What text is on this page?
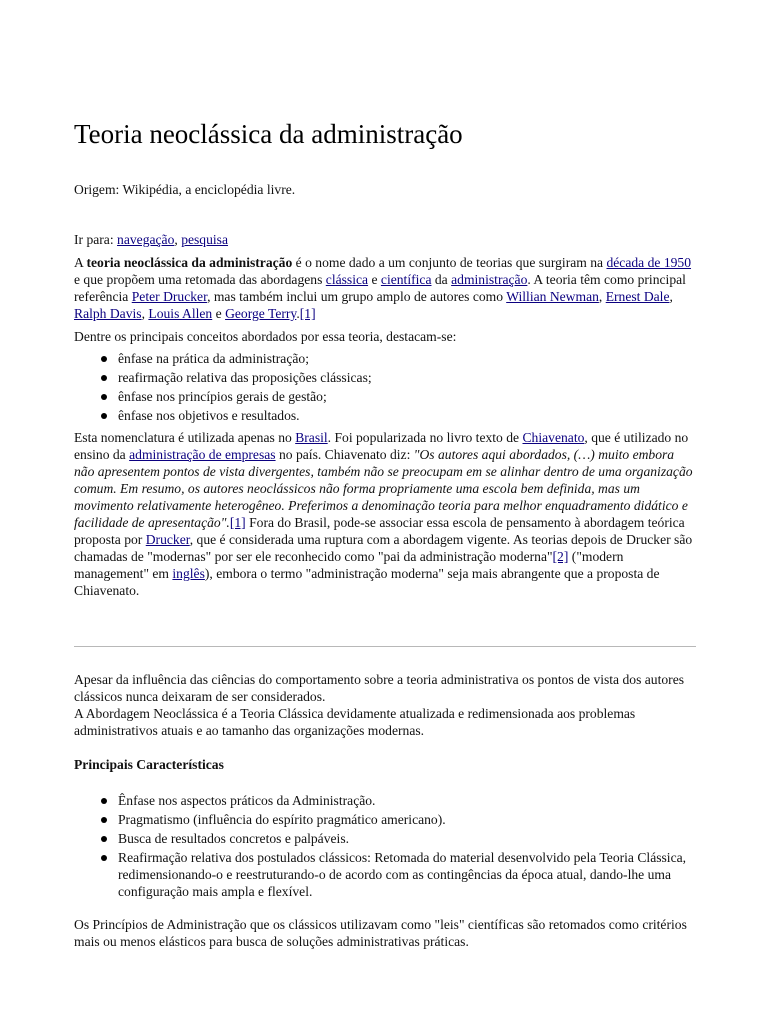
Teoria neoclássica da administração

Origem: Wikipédia, a enciclopédia livre.

Ir para: navegação, pesquisa

A teoria neoclássica da administração é o nome dado a um conjunto de teorias que surgiram na década de 1950 e que propõem uma retomada das abordagens clássica e científica da administração. A teoria têm como principal referência Peter Drucker, mas também inclui um grupo amplo de autores como Willian Newman, Ernest Dale, Ralph Davis, Louis Allen e George Terry.[1]

Dentre os principais conceitos abordados por essa teoria, destacam-se:

ênfase na prática da administração;
reafirmação relativa das proposições clássicas;
ênfase nos princípios gerais de gestão;
ênfase nos objetivos e resultados.

Esta nomenclatura é utilizada apenas no Brasil. Foi popularizada no livro texto de Chiavenato, que é utilizado no ensino da administração de empresas no país. Chiavenato diz: "Os autores aqui abordados, (…) muito embora não apresentem pontos de vista divergentes, também não se preocupam em se alinhar dentro de uma organização comum. Em resumo, os autores neoclássicos não forma propriamente uma escola bem definida, mas um movimento relativamente heterogêneo. Preferimos a denominação teoria para melhor enquadramento didático e facilidade de apresentação".[1] Fora do Brasil, pode-se associar essa escola de pensamento à abordagem teórica proposta por Drucker, que é considerada uma ruptura com a abordagem vigente. As teorias depois de Drucker são chamadas de "modernas" por ser ele reconhecido como "pai da administração moderna"[2] ("modern management" em inglês), embora o termo "administração moderna" seja mais abrangente que a proposta de Chiavenato.

Apesar da influência das ciências do comportamento sobre a teoria administrativa os pontos de vista dos autores clássicos nunca deixaram de ser considerados.

A Abordagem Neoclássica é a Teoria Clássica devidamente atualizada e redimensionada aos problemas administrativos atuais e ao tamanho das organizações modernas.

Principais Características

Ênfase nos aspectos práticos da Administração.
Pragmatismo (influência do espírito pragmático americano).
Busca de resultados concretos e palpáveis.
Reafirmação relativa dos postulados clássicos: Retomada do material desenvolvido pela Teoria Clássica, redimensionando-o e reestruturando-o de acordo com as contingências da época atual, dando-lhe uma configuração mais ampla e flexível.

Os Princípios de Administração que os clássicos utilizavam como "leis" científicas são retomados como critérios mais ou menos elásticos para busca de soluções administrativas práticas.
